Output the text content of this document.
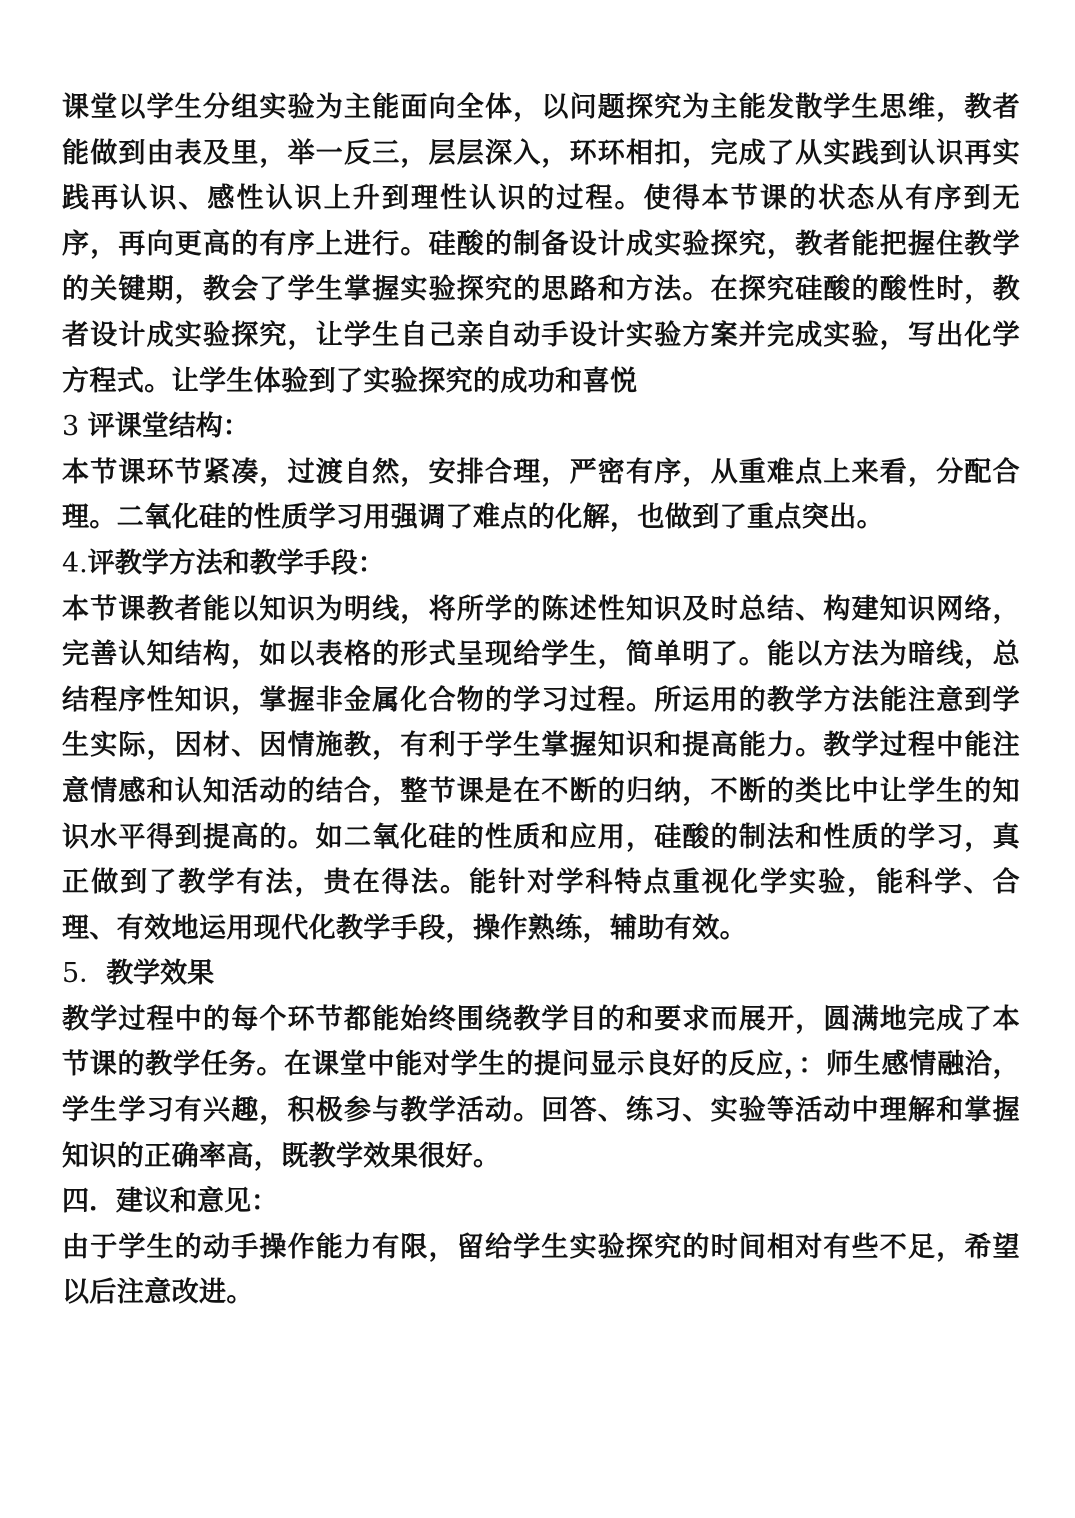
课堂以学生分组实验为主能面向全体，以问题探究为主能发散学生思维，教者能做到由表及里，举一反三，层层深入，环环相扣，完成了从实践到认识再实践再认识、感性认识上升到理性认识的过程。使得本节课的状态从有序到无序，再向更高的有序上进行。硅酸的制备设计成实验探究，教者能把握住教学的关键期，教会了学生掌握实验探究的思路和方法。在探究硅酸的酸性时，教者设计成实验探究，让学生自己亲自动手设计实验方案并完成实验，写出化学方程式。让学生体验到了实验探究的成功和喜悦

3 评课堂结构：

本节课环节紧凑，过渡自然，安排合理，严密有序，从重难点上来看，分配合理。二氧化硅的性质学习用强调了难点的化解，也做到了重点突出。

4.评教学方法和教学手段：

本节课教者能以知识为明线，将所学的陈述性知识及时总结、构建知识网络，完善认知结构，如以表格的形式呈现给学生，简单明了。能以方法为暗线，总结程序性知识，掌握非金属化合物的学习过程。所运用的教学方法能注意到学生实际，因材、因情施教，有利于学生掌握知识和提高能力。教学过程中能注意情感和认知活动的结合，整节课是在不断的归纳，不断的类比中让学生的知识水平得到提高的。如二氧化硅的性质和应用，硅酸的制法和性质的学习，真正做到了教学有法，贵在得法。能针对学科特点重视化学实验，能科学、合理、有效地运用现代化教学手段，操作熟练，辅助有效。

5．教学效果

教学过程中的每个环节都能始终围绕教学目的和要求而展开，圆满地完成了本节课的教学任务。在课堂中能对学生的提问显示良好的反应，：师生感情融洽，学生学习有兴趣，积极参与教学活动。回答、练习、实验等活动中理解和掌握知识的正确率高，既教学效果很好。

四．建议和意见：

由于学生的动手操作能力有限，留给学生实验探究的时间相对有些不足，希望以后注意改进。
